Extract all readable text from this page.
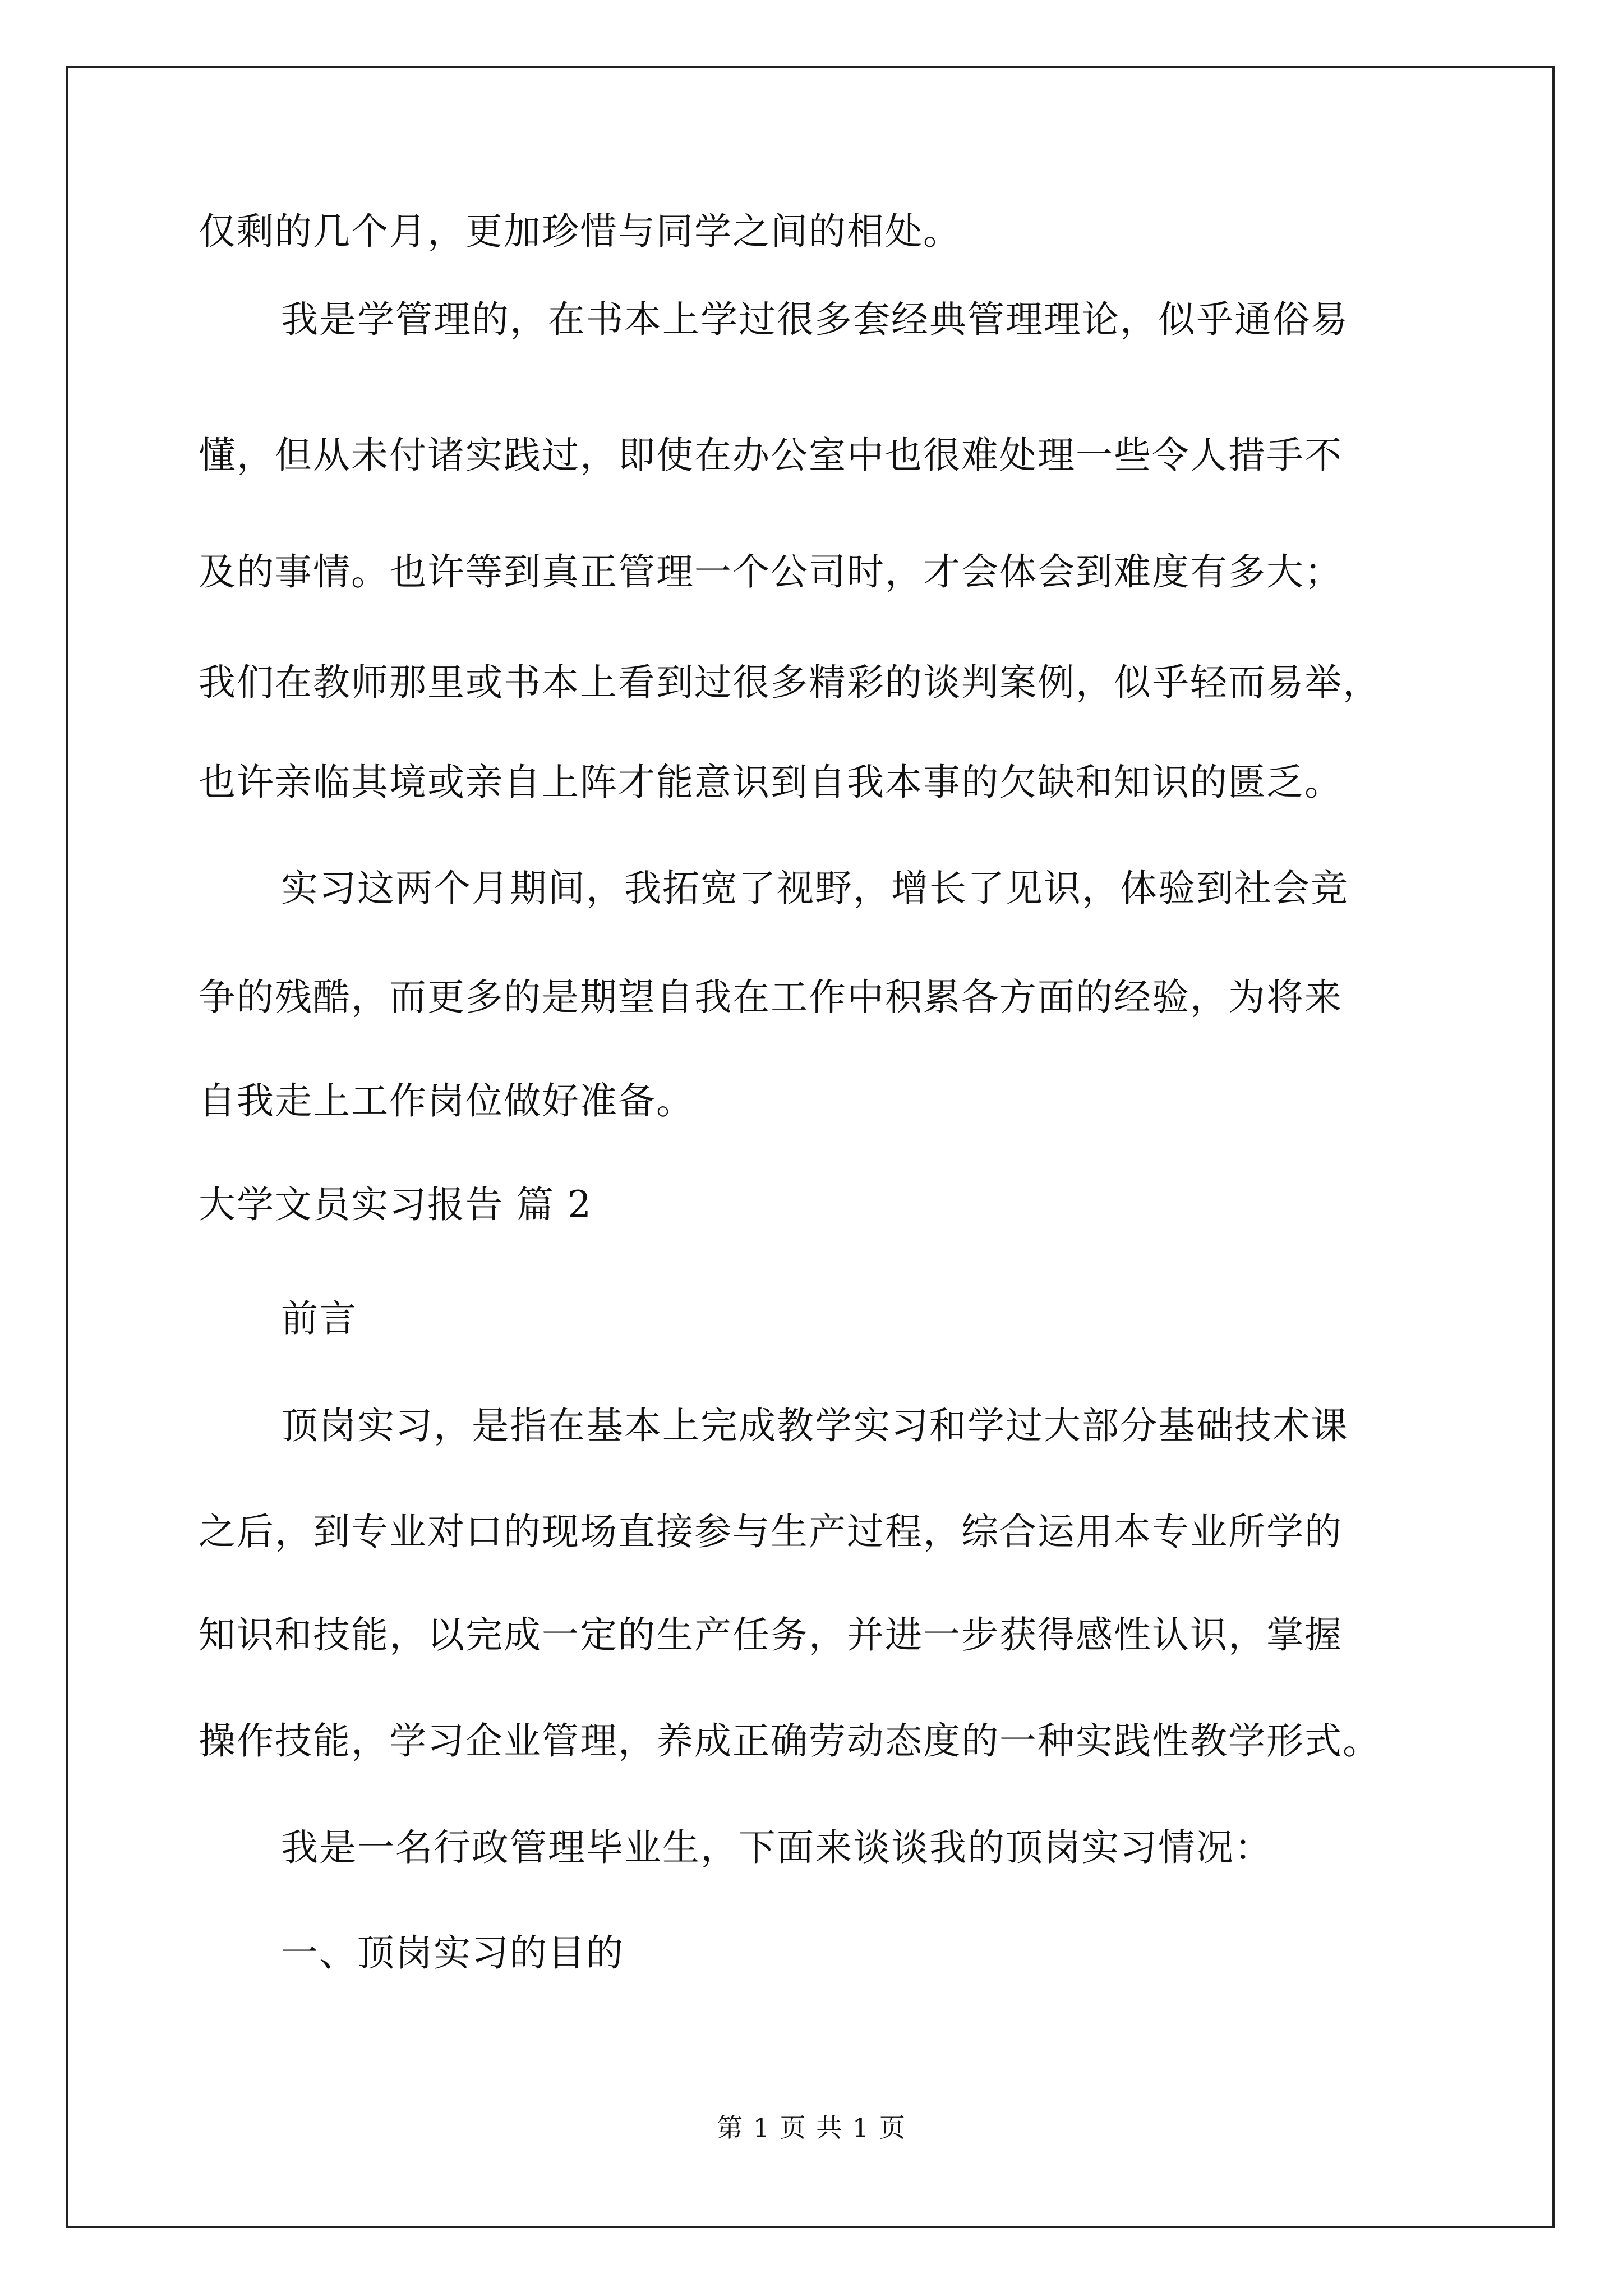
仅剩的几个月，更加珍惜与同学之间的相处。
我是学管理的，在书本上学过很多套经典管理理论，似乎通俗易
懂，但从未付诸实践过，即使在办公室中也很难处理一些令人措手不
及的事情。也许等到真正管理一个公司时，才会体会到难度有多大；
我们在教师那里或书本上看到过很多精彩的谈判案例，似乎轻而易举，
也许亲临其境或亲自上阵才能意识到自我本事的欠缺和知识的匮乏。
实习这两个月期间，我拓宽了视野，增长了见识，体验到社会竞
争的残酷，而更多的是期望自我在工作中积累各方面的经验，为将来
自我走上工作岗位做好准备。
大学文员实习报告 篇 2
前言
顶岗实习，是指在基本上完成教学实习和学过大部分基础技术课
之后，到专业对口的现场直接参与生产过程，综合运用本专业所学的
知识和技能，以完成一定的生产任务，并进一步获得感性认识，掌握
操作技能，学习企业管理，养成正确劳动态度的一种实践性教学形式。
我是一名行政管理毕业生，下面来谈谈我的顶岗实习情况：
一、顶岗实习的目的
第 1 页 共 1 页
